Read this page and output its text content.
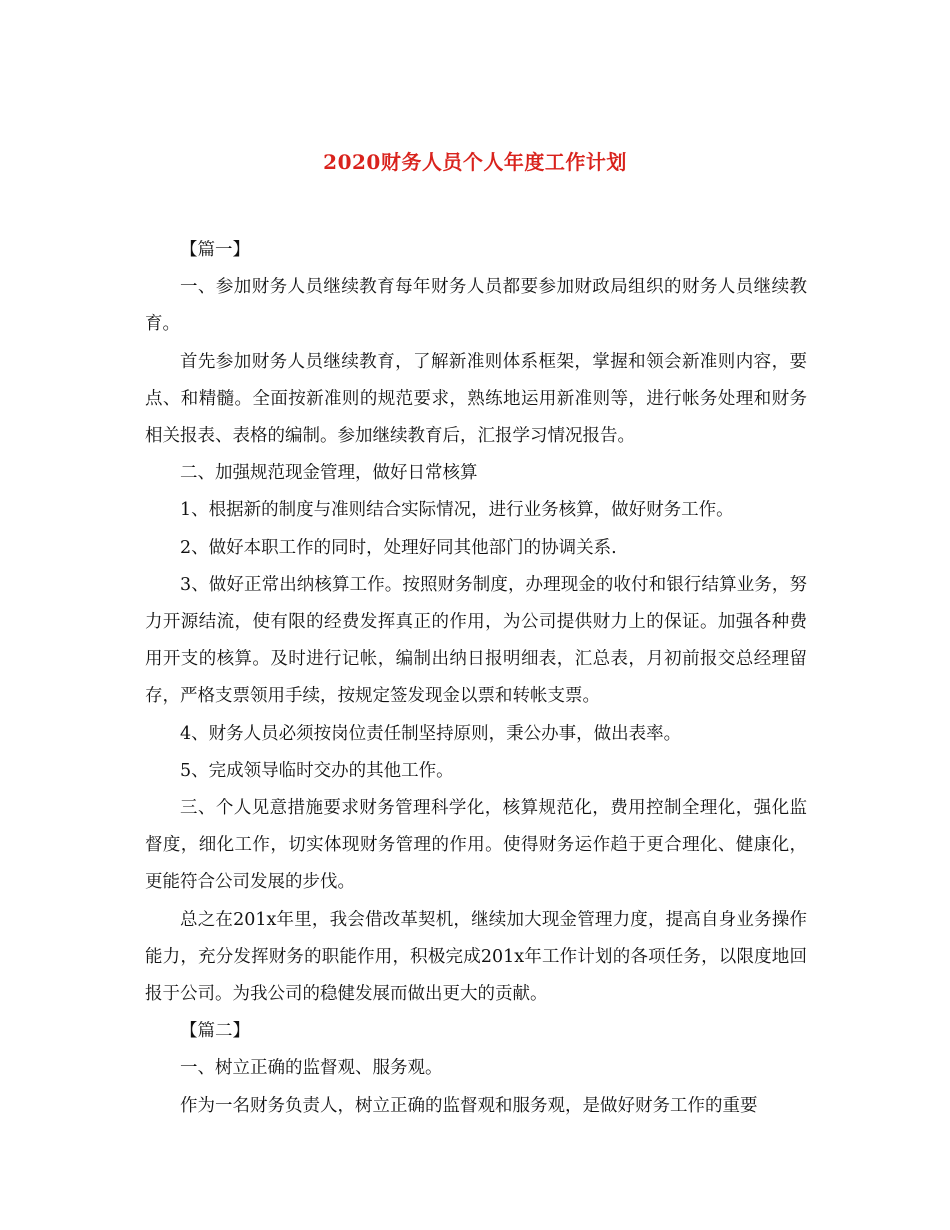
2020财务人员个人年度工作计划

【篇一】

一、参加财务人员继续教育每年财务人员都要参加财政局组织的财务人员继续教育。

首先参加财务人员继续教育，了解新准则体系框架，掌握和领会新准则内容，要点、和精髓。全面按新准则的规范要求，熟练地运用新准则等，进行帐务处理和财务相关报表、表格的编制。参加继续教育后，汇报学习情况报告。

二、加强规范现金管理，做好日常核算

1、根据新的制度与准则结合实际情况，进行业务核算，做好财务工作。

2、做好本职工作的同时，处理好同其他部门的协调关系.

3、做好正常出纳核算工作。按照财务制度，办理现金的收付和银行结算业务，努力开源结流，使有限的经费发挥真正的作用，为公司提供财力上的保证。加强各种费用开支的核算。及时进行记帐，编制出纳日报明细表，汇总表，月初前报交总经理留存，严格支票领用手续，按规定签发现金以票和转帐支票。

4、财务人员必须按岗位责任制坚持原则，秉公办事，做出表率。

5、完成领导临时交办的其他工作。

三、个人见意措施要求财务管理科学化，核算规范化，费用控制全理化，强化监督度，细化工作，切实体现财务管理的作用。使得财务运作趋于更合理化、健康化，更能符合公司发展的步伐。

总之在201x年里，我会借改革契机，继续加大现金管理力度，提高自身业务操作能力，充分发挥财务的职能作用，积极完成201x年工作计划的各项任务，以限度地回报于公司。为我公司的稳健发展而做出更大的贡献。

【篇二】

一、树立正确的监督观、服务观。

作为一名财务负责人，树立正确的监督观和服务观，是做好财务工作的重要
